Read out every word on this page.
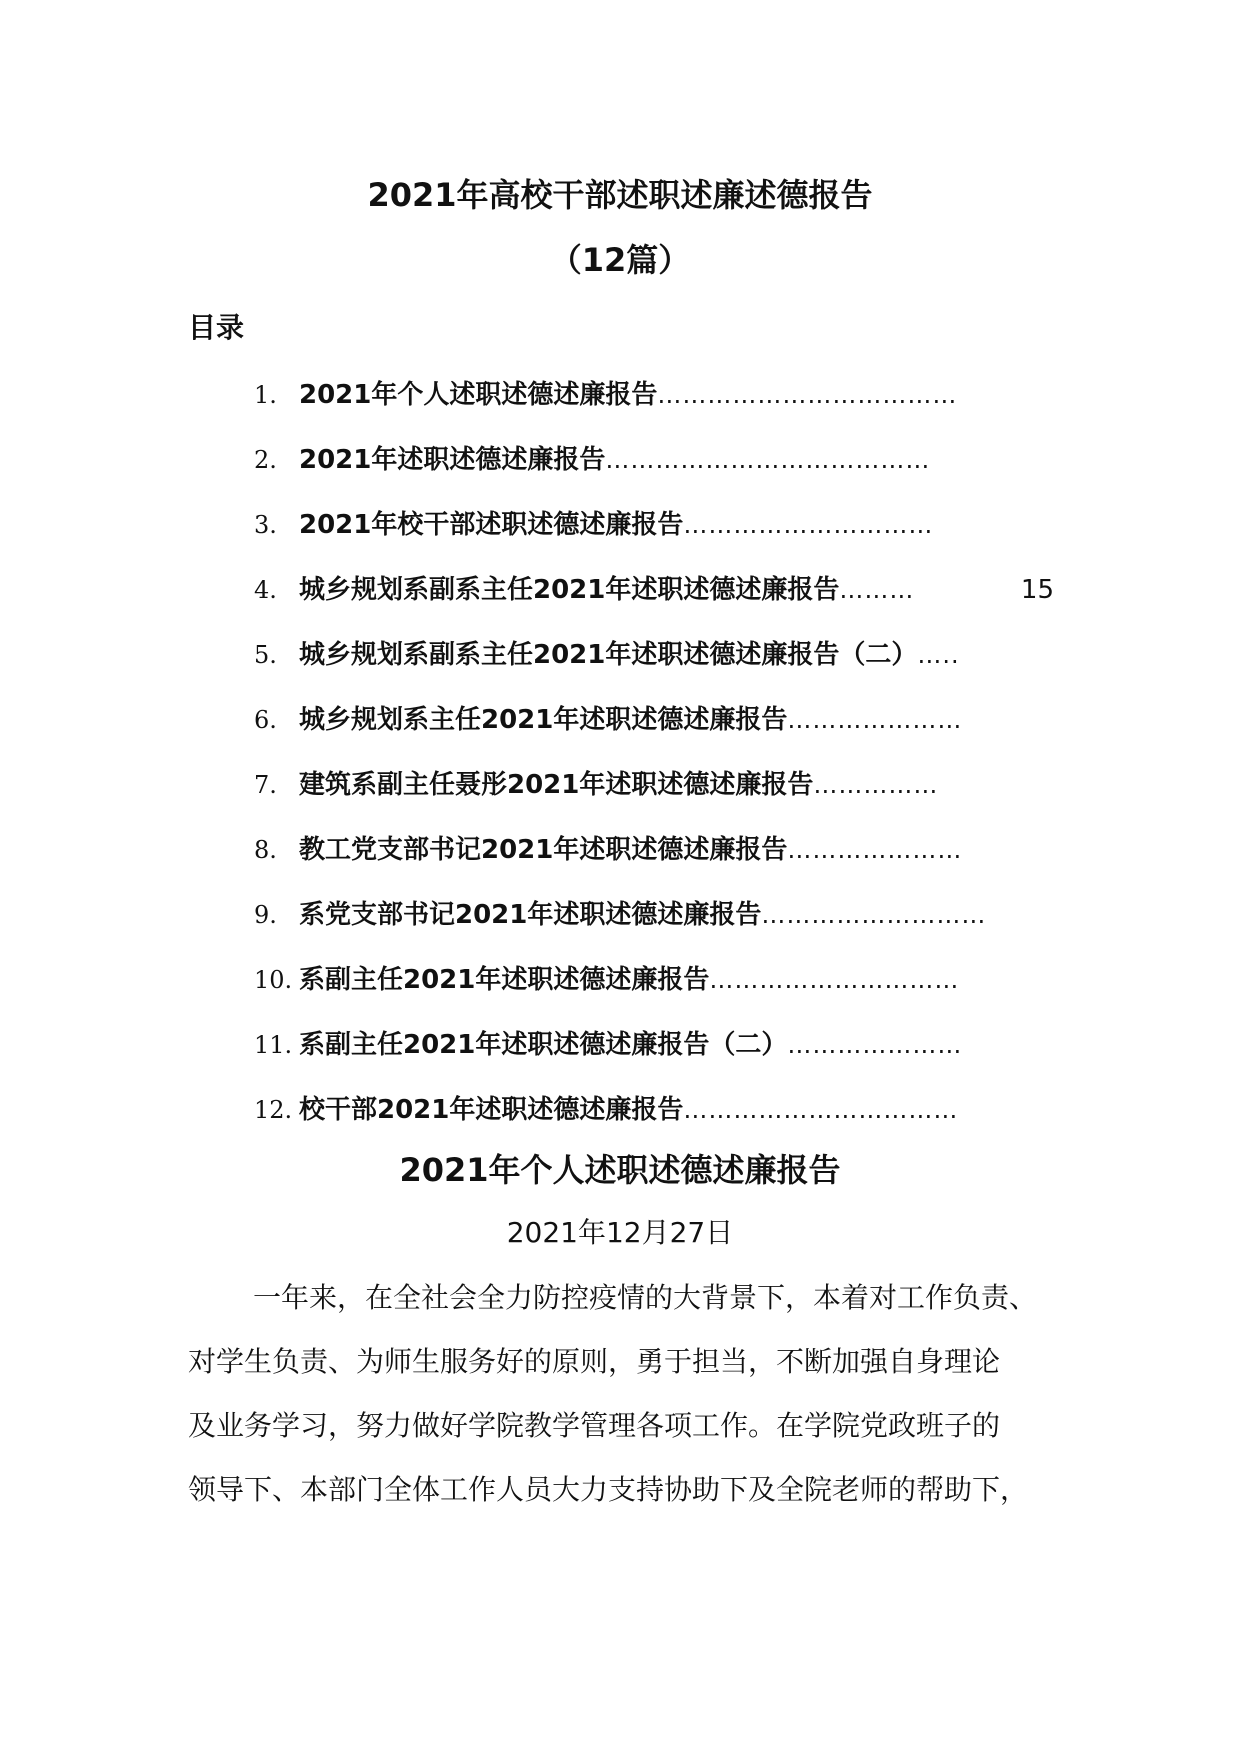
2021年高校干部述职述廉述德报告
（12篇）
目录
1. 2021年个人述职述德述廉报告 ………………………………
2. 2021年述职述德述廉报告 …………………………………
3. 2021年校干部述职述德述廉报告 …………………………
4. 城乡规划系副系主任2021年述职述德述廉报告 ………	15
5. 城乡规划系副系主任2021年述职述德述廉报告（二） …..
6. 城乡规划系主任2021年述职述德述廉报告 …………………
7. 建筑系副主任聂彤2021年述职述德述廉报告 ……………
8. 教工党支部书记2021年述职述德述廉报告 …………………
9. 系党支部书记2021年述职述德述廉报告 ………………………
10. 系副主任2021年述职述德述廉报告 …………………………
11. 系副主任2021年述职述德述廉报告（二） …………………
12. 校干部2021年述职述德述廉报告 ……………………………
2021年个人述职述德述廉报告

2021年12月27日

一年来，在全社会全力防控疫情的大背景下，本着对工作负责、
对学生负责、为师生服务好的原则，勇于担当，不断加强自身理论
及业务学习，努力做好学院教学管理各项工作。在学院党政班子的
领导下、本部门全体工作人员大力支持协助下及全院老师的帮助下，
